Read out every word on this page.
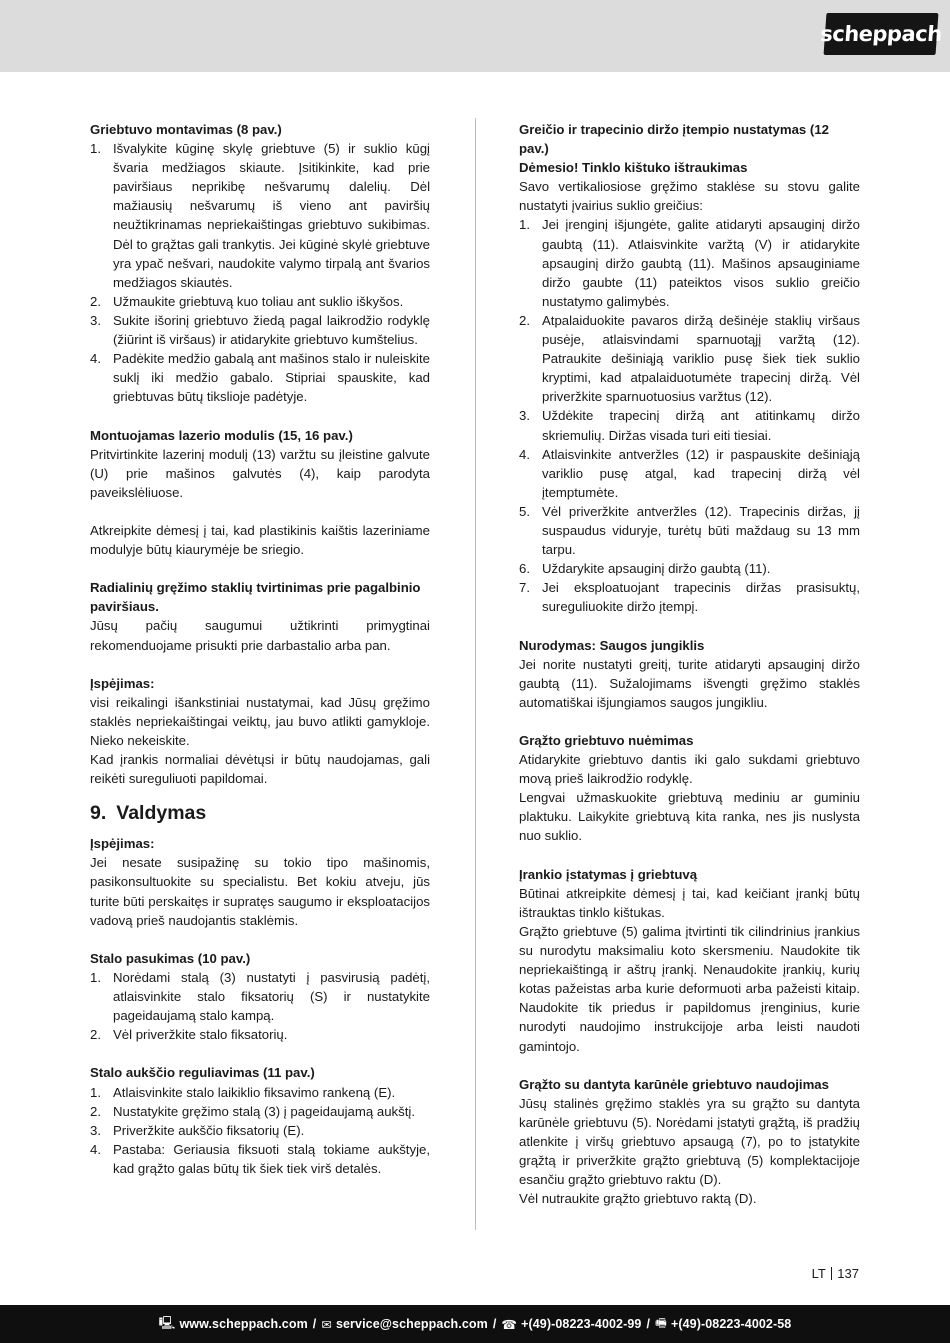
scheppach
Griebtuvo montavimas (8 pav.)
1. Išvalykite kūginę skylę griebtuve (5) ir suklio kūgį švaria medžiagos skiaute. Įsitikinkite, kad prie paviršiaus neprikibę nešvarumų dalelių. Dėl mažiausių nešvarumų iš vieno ant paviršių neužtikrinamas nepriekaištingas griebtuvo sukibimas. Dėl to grąžtas gali trankytis. Jei kūginė skylė griebtuve yra ypač nešvari, naudokite valymo tirpalą ant švarios medžiagos skiautės.
2. Užmaukite griebtuvą kuo toliau ant suklio iškyšos.
3. Sukite išorinį griebtuvo žiedą pagal laikrodžio rodyklę (žiūrint iš viršaus) ir atidarykite griebtuvo kumštelius.
4. Padėkite medžio gabalą ant mašinos stalo ir nuleiskite suklį iki medžio gabalo. Stipriai spauskite, kad griebtuvas būtų tikslioje padėtyje.
Montuojamas lazerio modulis (15, 16 pav.)

Pritvirtinkite lazerinį modulį (13) varžtu su įleistine galvute (U) prie mašinos galvutės (4), kaip parodyta paveikslėliuose.

Atkreipkite dėmesį į tai, kad plastikinis kaištis lazeriniame modulyje būtų kiaurymėje be sriegio.

Radialinių gręžimo staklių tvirtinimas prie pagalbinio paviršiaus.

Jūsų pačių saugumui užtikrinti primygtinai rekomenduojame prisukti prie darbastalio arba pan.

Įspėjimas:

visi reikalingi išankstiniai nustatymai, kad Jūsų gręžimo staklės nepriekaištingai veiktų, jau buvo atlikti gamykloje. Nieko nekeiskite.

Kad įrankis normaliai dėvėtųsi ir būtų naudojamas, gali reikėti sureguliuoti papildomai.

9. Valdymas
Įspėjimas:

Jei nesate susipažinę su tokio tipo mašinomis, pasikonsultuokite su specialistu. Bet kokiu atveju, jūs turite būti perskaitęs ir supratęs saugumo ir eksploatacijos vadovą prieš naudojantis staklėmis.

Stalo pasukimas (10 pav.)
1. Norėdami stalą (3) nustatyti į pasvirusią padėtį, atlaisvinkite stalo fiksatorių (S) ir nustatykite pageidaujamą stalo kampą.
2. Vėl priveržkite stalo fiksatorių.
Stalo aukščio reguliavimas (11 pav.)
1. Atlaisvinkite stalo laikiklio fiksavimo rankeną (E).
2. Nustatykite gręžimo stalą (3) į pageidaujamą aukštį.
3. Priveržkite aukščio fiksatorių (E).
4. Pastaba: Geriausia fiksuoti stalą tokiame aukštyje, kad grąžto galas būtų tik šiek tiek virš detalės.
Greičio ir trapecinio diržo įtempio nustatymas (12 pav.)
Dėmesio! Tinklo kištuko ištraukimas

Savo vertikaliosiose gręžimo staklėse su stovu galite nustatyti įvairius suklio greičius:

1. Jei įrenginį išjungėte, galite atidaryti apsauginį diržo gaubtą (11). Atlaisvinkite varžtą (V) ir atidarykite apsauginį diržo gaubtą (11). Mašinos apsauginiame diržo gaubte (11) pateiktos visos suklio greičio nustatymo galimybės.
2. Atpalaiduokite pavaros diržą dešinėje staklių viršaus pusėje, atlaisvindami sparnuotąjį varžtą (12). Patraukite dešiniąją variklio pusę šiek tiek suklio kryptimi, kad atpalaiduotumėte trapecinį diržą. Vėl priveržkite sparnuotuosius varžtus (12).
3. Uždėkite trapecinį diržą ant atitinkamų diržo skriemulių. Diržas visada turi eiti tiesiai.
4. Atlaisvinkite antveržles (12) ir paspauskite dešiniąją variklio pusę atgal, kad trapecinį diržą vėl įtemptumėte.
5. Vėl priveržkite antveržles (12). Trapecinis diržas, jį suspaudus viduryje, turėtų būti maždaug su 13 mm tarpu.
6. Uždarykite apsauginį diržo gaubtą (11).
7. Jei eksploatuojant trapecinis diržas prasisuktų, sureguliuokite diržo įtempį.
Nurodymas: Saugos jungiklis

Jei norite nustatyti greitį, turite atidaryti apsauginį diržo gaubtą (11). Sužalojimams išvengti gręžimo staklės automatiškai išjungiamos saugos jungikliu.

Grąžto griebtuvo nuėmimas

Atidarykite griebtuvo dantis iki galo sukdami griebtuvo movą prieš laikrodžio rodyklę.

Lengvai užmaskuokite griebtuvą mediniu ar guminiu plaktuku. Laikykite griebtuvą kita ranka, nes jis nuslysta nuo suklio.

Įrankio įstatymas į griebtuvą

Būtinai atkreipkite dėmesį į tai, kad keičiant įrankį būtų ištrauktas tinklo kištukas.

Grąžto griebtuve (5) galima įtvirtinti tik cilindrinius įrankius su nurodytu maksimaliu koto skersmeniu. Naudokite tik nepriekaištingą ir aštrų įrankį. Nenaudokite įrankių, kurių kotas pažeistas arba kurie deformuoti arba pažeisti kitaip. Naudokite tik priedus ir papildomus įrenginius, kurie nurodyti naudojimo instrukcijoje arba leisti naudoti gamintojo.

Grąžto su dantyta karūnėle griebtuvo naudojimas

Jūsų stalinės gręžimo staklės yra su grąžto su dantyta karūnėle griebtuvu (5). Norėdami įstatyti grąžtą, iš pradžių atlenkite į viršų griebtuvo apsaugą (7), po to įstatykite grąžtą ir priveržkite grąžto griebtuvą (5) komplektacijoje esančiu grąžto griebtuvo raktu (D).

Vėl nutraukite grąžto griebtuvo raktą (D).

LT 137
🖳 www.scheppach.com / ✉ service@scheppach.com / ☎ +(49)-08223-4002-99 / 🖷 +(49)-08223-4002-58
